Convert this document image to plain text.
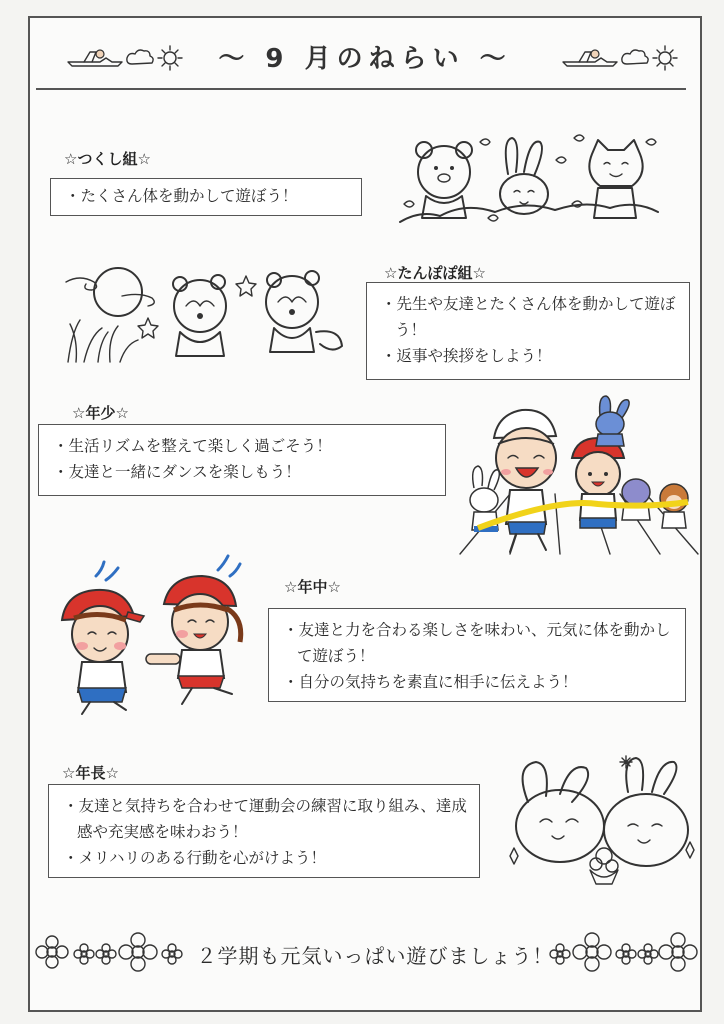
～ 9 月のねらい ～
☆つくし組☆
・たくさん体を動かして遊ぼう！
☆たんぽぽ組☆
・先生や友達とたくさん体を動かして遊ぼう！
・返事や挨拶をしよう！
☆年少☆
・生活リズムを整えて楽しく過ごそう！
・友達と一緒にダンスを楽しもう！
☆年中☆
・友達と力を合わる楽しさを味わい、元気に体を動かして遊ぼう！
・自分の気持ちを素直に相手に伝えよう！
☆年長☆
・友達と気持ちを合わせて運動会の練習に取り組み、達成感や充実感を味わおう！
・メリハリのある行動を心がけよう！
２学期も元気いっぱい遊びましょう！
